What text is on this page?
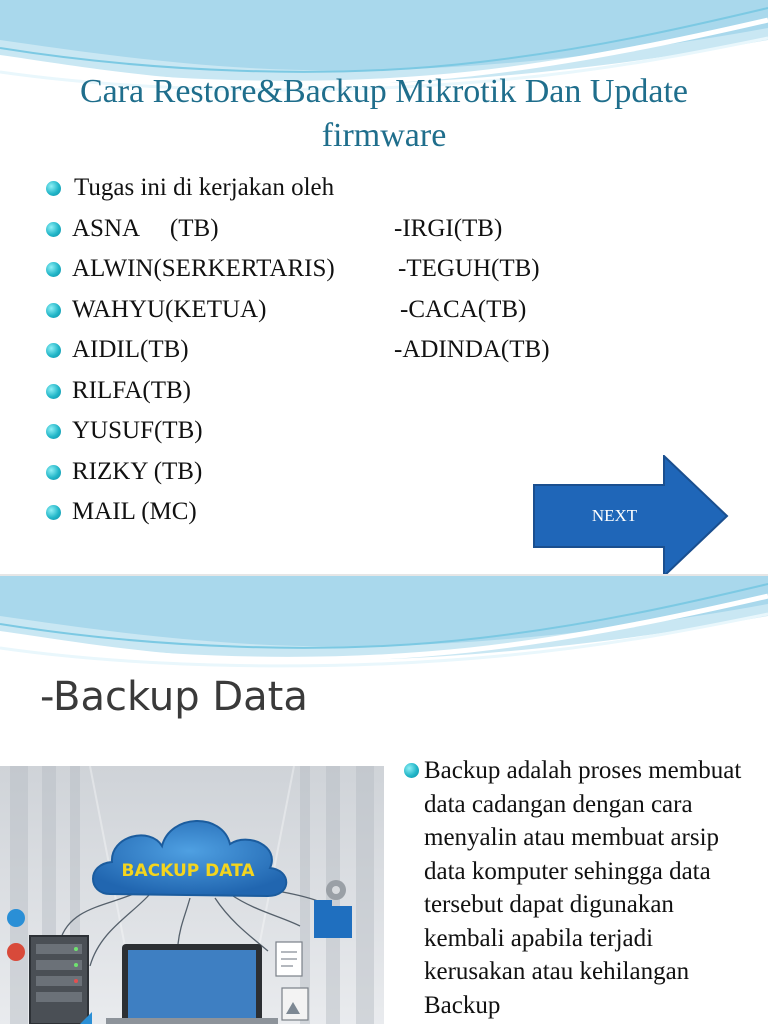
Cara Restore&Backup Mikrotik Dan Update
firmware
Tugas ini di kerjakan oleh
ASNA     (TB)	-IRGI(TB)
ALWIN(SERKERTARIS)	-TEGUH(TB)
WAHYU(KETUA)	-CACA(TB)
AIDIL(TB)	-ADINDA(TB)
RILFA(TB)
YUSUF(TB)
RIZKY (TB)
MAIL (MC)	NEXT
-Backup Data
BACKUP DATA
Backup adalah proses membuat data cadangan dengan cara menyalin atau membuat arsip data komputer sehingga data tersebut dapat digunakan kembali apabila terjadi kerusakan atau kehilangan Backup
